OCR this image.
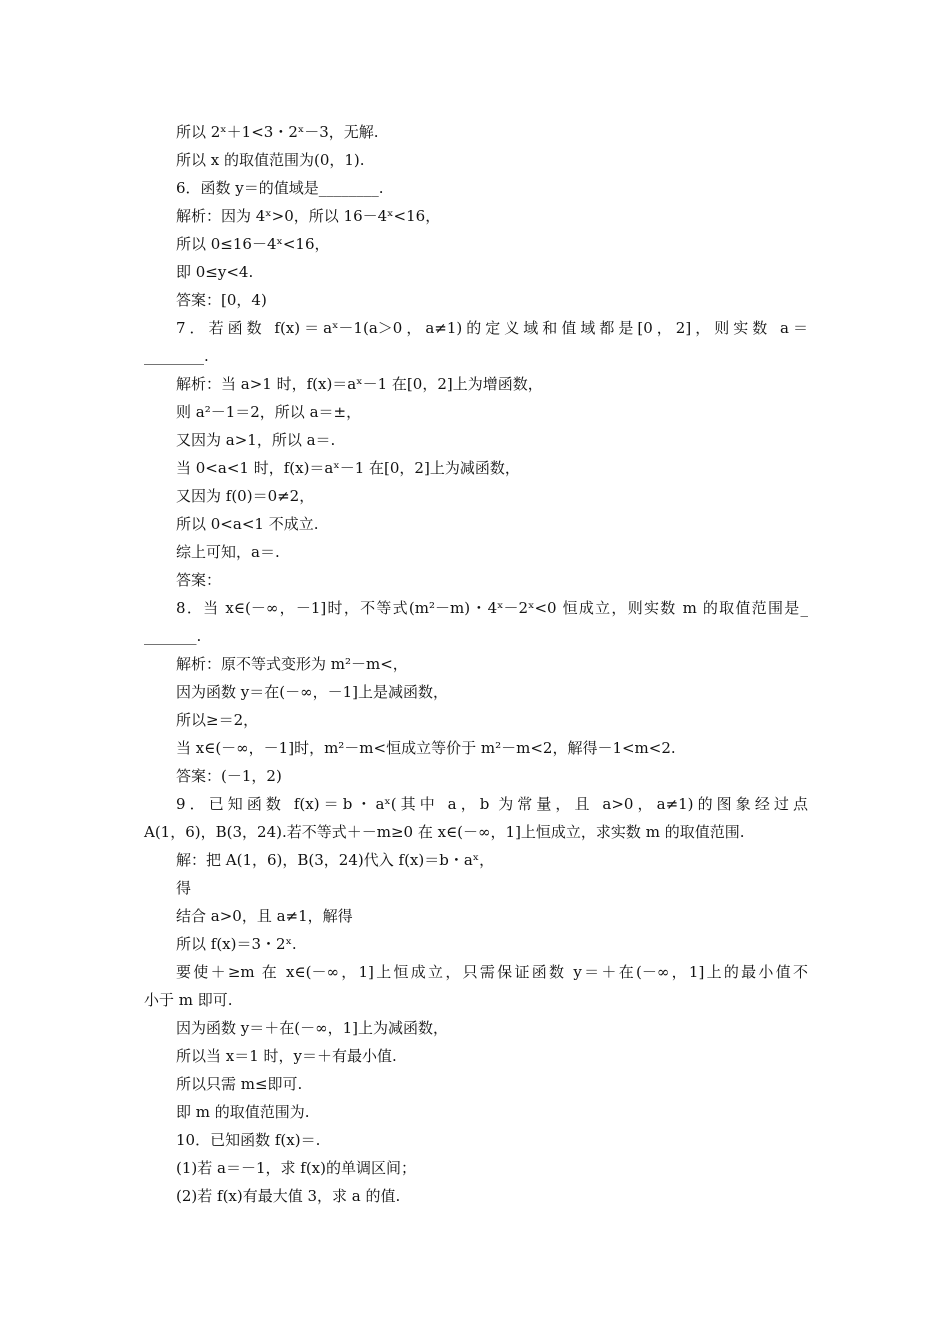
所以 2ˣ＋1<3・2ˣ－3，无解.
所以 x 的取值范围为(0，1).
6．函数 y＝的值域是________.
解析：因为 4ˣ>0，所以 16－4ˣ<16，
所以 0≤16－4ˣ<16，
即 0≤y<4.
答案：[0，4)
7．若函数 f(x)＝aˣ－1(a＞0，a≠1)的定义域和值域都是[0，2]，则实数 a＝
________.
解析：当 a>1 时，f(x)＝aˣ－1 在[0，2]上为增函数，
则 a²－1＝2，所以 a＝±，
又因为 a>1，所以 a＝.
当 0<a<1 时，f(x)＝aˣ－1 在[0，2]上为减函数，
又因为 f(0)＝0≠2，
所以 0<a<1 不成立.
综上可知，a＝.
答案：
8．当 x∈(－∞，－1]时，不等式(m²－m)・4ˣ－2ˣ<0 恒成立，则实数 m 的取值范围是_
_______.
解析：原不等式变形为 m²－m<，
因为函数 y＝在(－∞，－1]上是减函数，
所以≥＝2，
当 x∈(－∞，－1]时，m²－m<恒成立等价于 m²－m<2，解得－1<m<2.
答案：(－1，2)
9．已知函数 f(x)＝b・aˣ(其中 a，b 为常量，且 a>0，a≠1)的图象经过点
A(1，6)，B(3，24).若不等式＋－m≥0 在 x∈(－∞，1]上恒成立，求实数 m 的取值范围.
解：把 A(1，6)，B(3，24)代入 f(x)＝b・aˣ，
得
结合 a>0，且 a≠1，解得
所以 f(x)＝3・2ˣ.
要使＋≥m 在 x∈(－∞，1]上恒成立，只需保证函数 y＝＋在(－∞，1]上的最小值不
小于 m 即可.
因为函数 y＝＋在(－∞，1]上为减函数，
所以当 x＝1 时，y＝＋有最小值.
所以只需 m≤即可.
即 m 的取值范围为.
10．已知函数 f(x)＝.
(1)若 a＝－1，求 f(x)的单调区间；
(2)若 f(x)有最大值 3，求 a 的值.
